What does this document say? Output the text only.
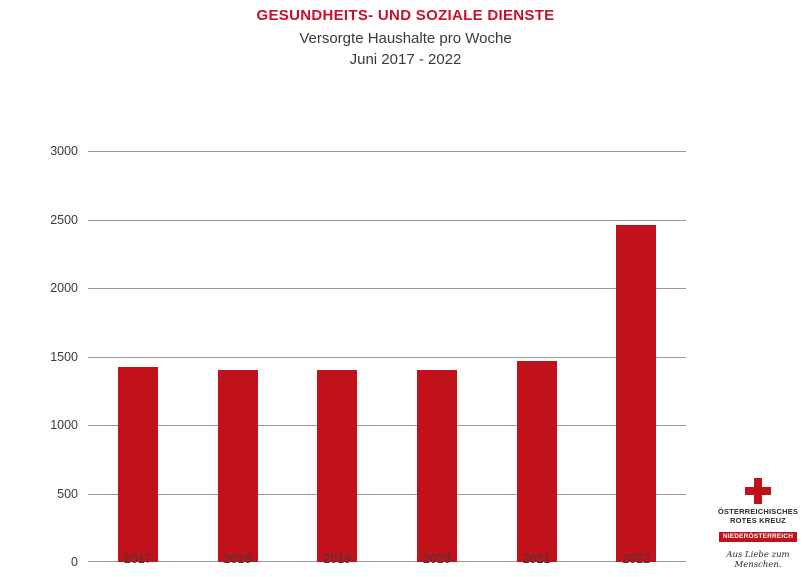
GESUNDHEITS- UND SOZIALE DIENSTE

Versorgte Haushalte pro Woche

Juni 2017 - 2022

0
500
1000
1500
2000
2500
3000
2017	2018	2019	2020	2021	2022
ÖSTERREICHISCHES
ROTES KREUZ
NIEDERÖSTERREICH
Aus Liebe zum Menschen.
